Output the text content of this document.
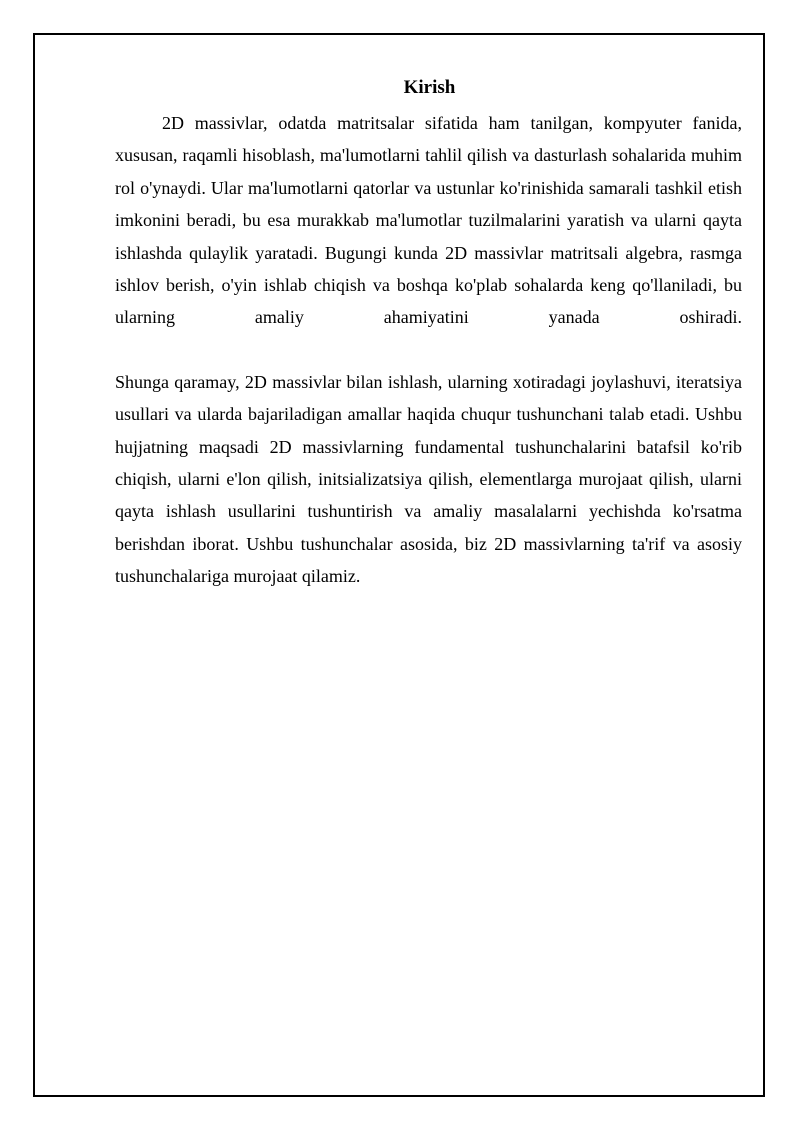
Kirish

2D massivlar, odatda matritsalar sifatida ham tanilgan, kompyuter fanida, xususan, raqamli hisoblash, ma'lumotlarni tahlil qilish va dasturlash sohalarida muhim rol o'ynaydi. Ular ma'lumotlarni qatorlar va ustunlar ko'rinishida samarali tashkil etish imkonini beradi, bu esa murakkab ma'lumotlar tuzilmalarini yaratish va ularni qayta ishlashda qulaylik yaratadi. Bugungi kunda 2D massivlar matritsali algebra, rasmga ishlov berish, o'yin ishlab chiqish va boshqa ko'plab sohalarda keng qo'llaniladi, bu ularning amaliy ahamiyatini yanada oshiradi.

Shunga qaramay, 2D massivlar bilan ishlash, ularning xotiradagi joylashuvi, iteratsiya usullari va ularda bajariladigan amallar haqida chuqur tushunchani talab etadi. Ushbu hujjatning maqsadi 2D massivlarning fundamental tushunchalarini batafsil ko'rib chiqish, ularni e'lon qilish, initsializatsiya qilish, elementlarga murojaat qilish, ularni qayta ishlash usullarini tushuntirish va amaliy masalalarni yechishda ko'rsatma berishdan iborat. Ushbu tushunchalar asosida, biz 2D massivlarning ta'rif va asosiy tushunchalariga murojaat qilamiz.
